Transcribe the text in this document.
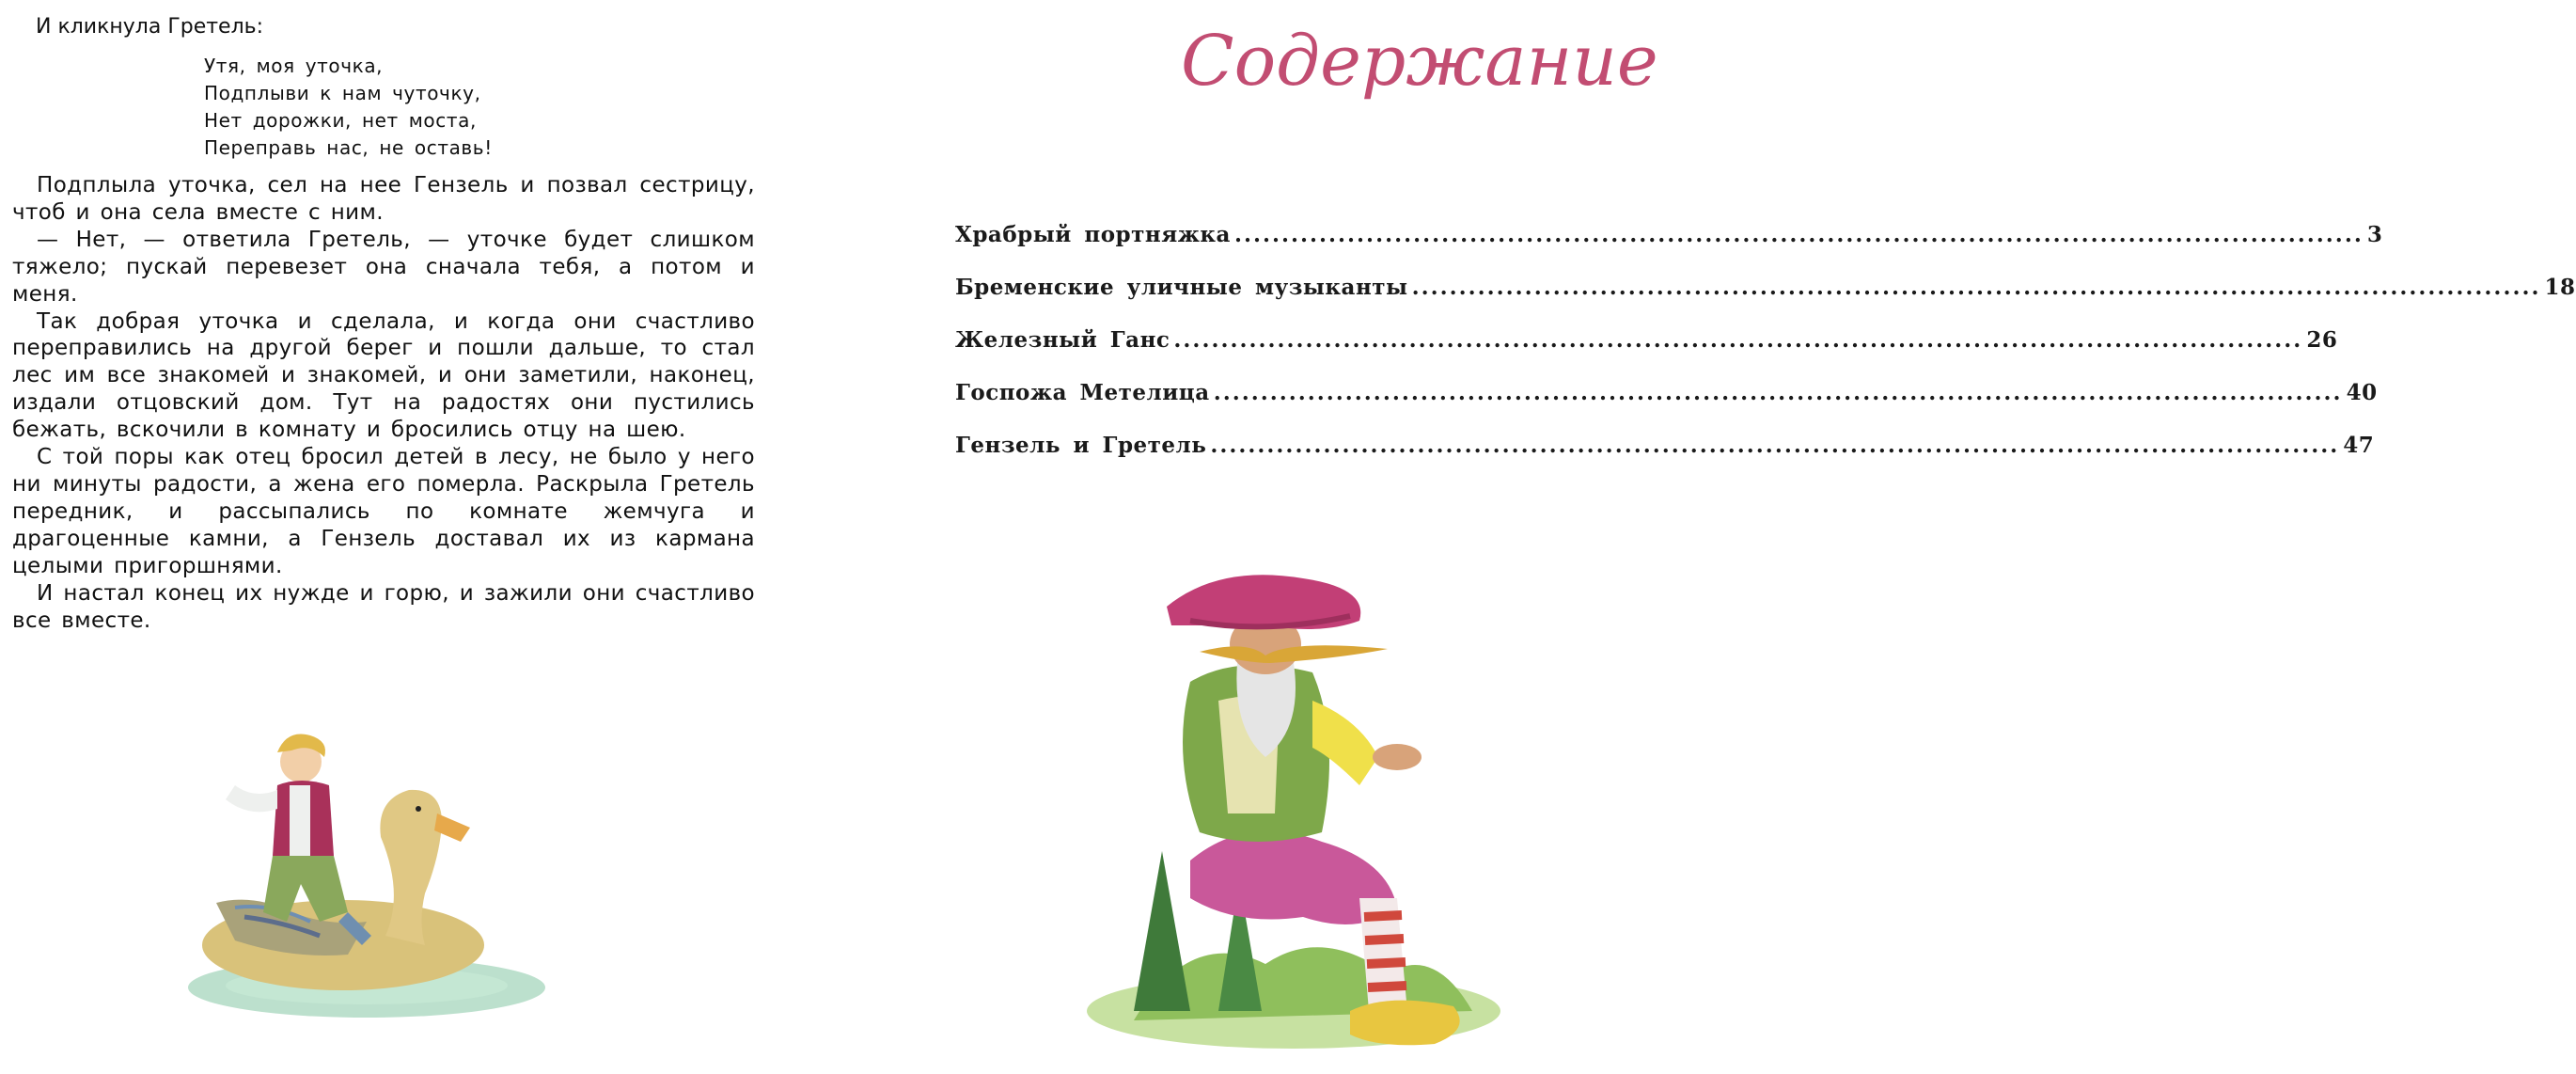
И кликнула Гретель:

Утя, моя уточка,
Подплыви к нам чуточку,
Нет дорожки, нет моста,
Переправь нас, не оставь!

Подплыла уточка, сел на нее Гензель и позвал сестрицу, чтоб и она села вместе с ним.

— Нет, — ответила Гретель, — уточке будет слишком тяжело; пускай перевезет она сначала тебя, а потом и меня.

Так добрая уточка и сделала, и когда они счастливо переправились на другой берег и пошли дальше, то стал лес им все знакомей и знакомей, и они заметили, наконец, издали отцовский дом. Тут на радостях они пустились бежать, вскочили в комнату и бросились отцу на шею.

С той поры как отец бросил детей в лесу, не было у него ни минуты радости, а жена его померла. Раскрыла Гретель передник, и рассыпались по комнате жемчуга и драгоценные камни, а Гензель доставал их из кармана целыми пригоршнями.

И настал конец их нужде и горю, и зажили они счастливо все вместе.

Содержание
Храбрый портняжка ........................................................................................................................ 3
Бременские уличные музыканты ........................................................................................................................ 18
Железный Ганс ........................................................................................................................ 26
Госпожа Метелица ........................................................................................................................ 40
Гензель и Гретель ........................................................................................................................ 47
